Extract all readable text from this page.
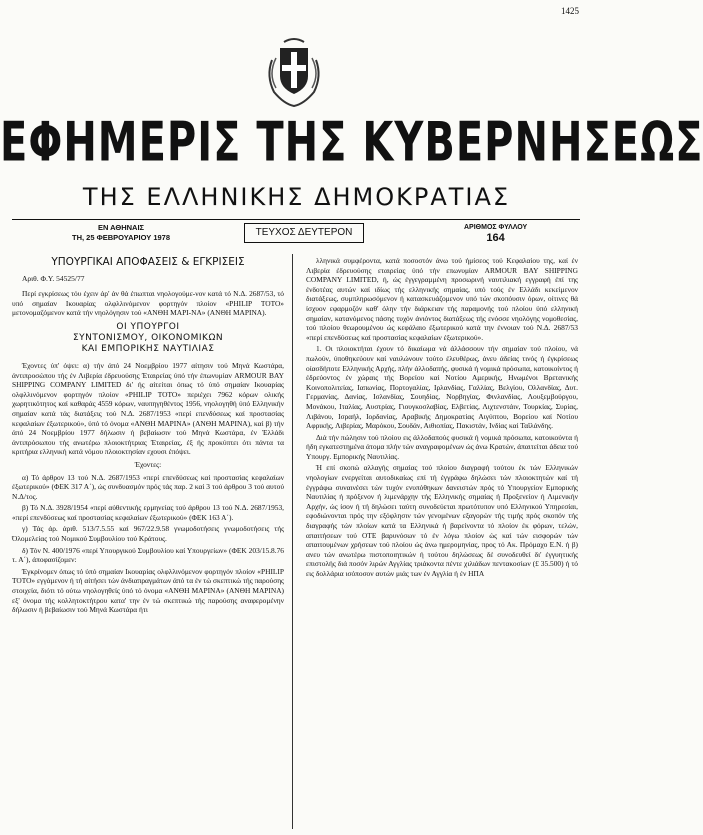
1425
ΕΦΗΜΕΡΙΣ ΤΗΣ ΚΥΒΕΡΝΗΣΕΩΣ
ΤΗΣ ΕΛΛΗΝΙΚΗΣ ΔΗΜΟΚΡΑΤΙΑΣ
ΕΝ ΑΘΗΝΑΙΣ
ΤΗ, 25 ΦΕΒΡΟΥΑΡΙΟΥ 1978	ΤΕΥΧΟΣ ΔΕΥΤΕΡΟΝ	ΑΡΙΘΜΟΣ ΦΥΛΛΟΥ
164
ΥΠΟΥΡΓΙΚΑΙ ΑΠΟΦΑΣΕΙΣ & ΕΓΚΡΙΣΕΙΣ
Αριθ. Φ.Υ. 54525/77
Περί εγκρίσεως τόυ έχειν άρ' άν θά έπωπται νηολογούμε-νον κατά τό Ν.Δ. 2687/53, τό υπό σημαίαν Ικουαρίας ολφλλινόμενον φορτηγόν πλοίον «PHILIP ΤΟΤΟ» μετονομαζόμενον κατά τήν νηολόγησιν τού «ΑΝΘΗ ΜΑΡΙ-ΝΑ» (ΑΝΘΗ ΜΑΡΙΝΑ).
ΟΙ ΥΠΟΥΡΓΟΙ
ΣΥΝΤΟΝΙΣΜΟΥ, ΟΙΚΟΝΟΜΙΚΩΝ
ΚΑΙ ΕΜΠΟΡΙΚΗΣ ΝΑΥΤΙΛΙΑΣ
Έχοντες ύπ' όψει: α) τήν άπό 24 Νοεμβρίου 1977 αίτησιν τού Μηνά Κωστάρα, άντιπροσώπου τής έν Λιβερία έδρευούσης Έταιρείας ύπό τήν έπωνυμίαν ARMOUR BAY SHIPPING COMPANY LIMITED δι' ής αίτείται όπως τό ύπό σημαίαν Ικουαρίας ολφλλινόμενον φορτηγόν πλοίον «PHILIP ΤΟΤΟ» περιέχει 7962 κόρων ολικής χωρητικότητος καί καθαράς 4559 κόρων, ναυπηγηθέντος 1956, νηολογηθή ύπό Ελληνικήν σημαίαν κατά τάς διατάξεις τού Ν.Δ. 2687/1953 «περί επενδύσεως καί προστασίας κεφαλαίων έξωτερικού», ύπό τό όνομα «ΑΝΘΗ ΜΑΡΙΝΑ» (ΑΝΘΗ ΜΑΡΙΝΑ), καί β) τήν άπό 24 Νοεμβρίου 1977 δήλωσιν ή βεβαίωσιν τού Μηνά Κωστάρα, έν Έλλάδι άντιπρόσωπου τής ανωτέρω πλοιοκτήτριας Έταιρείας, έξ ής προκύπτει ότι πάντα τα κριτήρια ελληνική κατά νόμου πλοιοκτησίαν εχουσι έπόψει.
Έχοντες:
α) Τό άρθρον 13 τού Ν.Δ. 2687/1953 «περί επενδύσεως καί προστασίας κεφαλαίων έξωτερικού» (ΦΕΚ 317 Α΄), ώς συνδυασμόν πρός τάς παρ. 2 καί 3 τού άρθρου 3 τού αυτού Ν.Δ/τος.
β) Τό Ν.Δ. 3928/1954 «περί αύθεντικής ερμηνείας τού άρθρου 13 τού Ν.Δ. 2687/1953, «περί επενδύσεως καί προστασίας κεφαλαίων έξωτερικού» (ΦΕΚ 163 Α΄).
γ) Τάς άρ. άριθ. 513/7.5.55 καί 967/22.9.58 γνωμοδοτήσεις γνωμοδοτήσεις τής Όλομελείας τού Νομικού Συμβουλίου τού Κράτους.
δ) Τόν Ν. 400/1976 «περί Υπουργικού Συμβουλίου καί Υπουργείων» (ΦΕΚ 203/15.8.76 τ. Α΄), άποφασίζομεν:
Έγκρίνομεν όπως τό ύπό σημαίαν Ικουαρίας ολφλλινόμενον φορτηγόν πλοίον «PHILIP ΤΟΤΟ» εγγάμενον ή τή αίτήσει τών άνδιαπραγμάτων άπό τα έν τώ σκεπτικώ τής παρούσης στοιχεία, διότι τό ούτω νηολογηθείς ύπό τό όνομα «ΑΝΘΗ ΜΑΡΙΝΑ» (ΑΝΘΗ ΜΑΡΙΝΑ) εξ' όνομα τής κολλητοκτήτρου κατα' την έν τώ σκεπτικώ τής παρούσης αναφερομένην δήλωσιν ή βεβαίωσιν τού Μηνά Κωστάρα ήτι
λληνικά συμφέροντα, κατά ποσοστόν άνω τού ήμίσεος τού Κεφαλαίου της, καί έν Λιβερία έδρευούσης εταιρείας ύπό τήν επωνυμίαν ARMOUR BAY SHIPPING COMPANY LIMITED, ή, ώς έγγεγραμμένη προσωρινή ναυτιλιακή εγγραφή έπί της ένδοτέας αυτών καί ιδίως τής ελληνικής σημαίας, υπό τούς έν Ελλάδι κεκείμενον διατάξεως, συμπληρωσόμενον ή κατασκευάζομενον υπό τών σκοπόυσιν όρων, οίτινες θά ίσχυον εφαρμοζόν καθ' όλην τήν διάρκειαν τής παραμονής τού πλοίου ύπό ελληνική σημαίαν, κατανόμενος πάσης τυχόν άνιόντος διατάξεως τής ενόσσε νηολόγης νομοθεσίας, τού πλοίου θεωρουμένου ώς κεφάλαιο έξωτερικού κατά την έννοιαν τού Ν.Δ. 2687/53 «περί επενδύσεως καί προστασίας κεφαλαίων έξωτερικού».
1. Οι πλοιοκτήται έχουν τό δικαίωμα νά άλλάσσουν τήν σημαίαν τού πλοίου, νά πωλούν, ύποθηκεύουν καί ναυλώνουν τούτο έλευθέρως, άνευ άδείας τινός ή έγκρίσεως οίασδήποτε Ελληνικής Αρχής, πλήν άλλοδαπής, φυσικά ή νομικά πρόσωπα, κατοικοίντος ή έδρεύοντος έν χώραις τής Βορείου καί Νοτίου Αμερικής, Ηνωμένοι Βρετανικής Κοινοπολιτείας, Ιαπωνίας, Πορτογαλίας, Ιρλανδίας, Γαλλίας, Βελγίου, Ολλανδίας, Δυτ. Γερμανίας, Δανίας, Ισλανδίας, Σουηδίας, Νορβηγίας, Φινλανδίας, Λουξεμβούργου, Μονάκου, Ιταλίας, Αυστρίας, Γιουγκοσλαβίας, Ελβετίας, Λιχτενστάιν, Τουρκίας, Συρίας, Λιβάνου, Ισραήλ, Ιορδανίας, Αραβικής Δημοκρατίας Αιγύπτου, Βορείου καί Νοτίου Αφρικής, Λιβερίας, Μαρόκου, Σουδάν, Αιθιοπίας, Πακιστάν, Ινδίας καί Ταϊλάνδης.
Διά τήν πώλησιν τού πλοίου εις άλλοδαπούς φυσικά ή νομικά πρόσωπα, κατοικούντα ή ήδη εγκατεστημένα άτομα πλήν τών αναγραφομένων ώς άνω Κρατών, άπαιτείται άδεια τού Υπουργ. Εμπορικής Ναυτιλίας.
Ή επί σκοπώ αλλαγής σημαίας τού πλοίου διαγραφή τούτου έκ τών Ελληνικών νηολογίων ενεργείται αυτοδικαίως επί τή έγγράφω δηλώσει τών πλοιοκτητών καί τή έγγράφω συναινέσει τών τυχόν ενυπόθηκων δανειστών πρός τό Υπουργείον Εμπορικής Ναυτιλίας ή πρόξενον ή λιμενάρχην τής Ελληνικής σημαίας ή Προξενείον ή Λιμενικήν Αρχήν, ώς ίσον ή τή δηλώσει ταύτη συνοδεύεται πρωτότυπον υπό Ελληνικού Υπηρεσίαι, εφοδιώνονται πρός την εξόφλησιν τών γενομένων εξαγορών τής τιμής πρός σκοπόν τής διαγραφής τών πλοίων κατά τα Ελληνικά ή βαρείνοντα τό πλοίον έκ φόρων, τελών, απαιτήσεων τού ΟΤΕ βαρυνόσων τό έν λόγω πλοίον ώς καί τών εισφορών τών απαιτουμένων χρήσεων τού πλοίου ώς άνω ημερομηνίας, προς τό Ακ. Πρόμαχο Ε.Ν. ή β) ανευ τών ανωτέρω πιστοποιητικών ή τούτου δηλώσεως δέ συνοδευθεί δι' έγγυητικής επιστολής διά ποσόν λιρών Αγγλίας τριάκοντα πέντε χιλιάδων πεντακοσίων (£ 35.500) ή τό εις δολλάρια ισόποσον αυτών μιάς των έν Αγγλία ή έν ΗΠΑ
